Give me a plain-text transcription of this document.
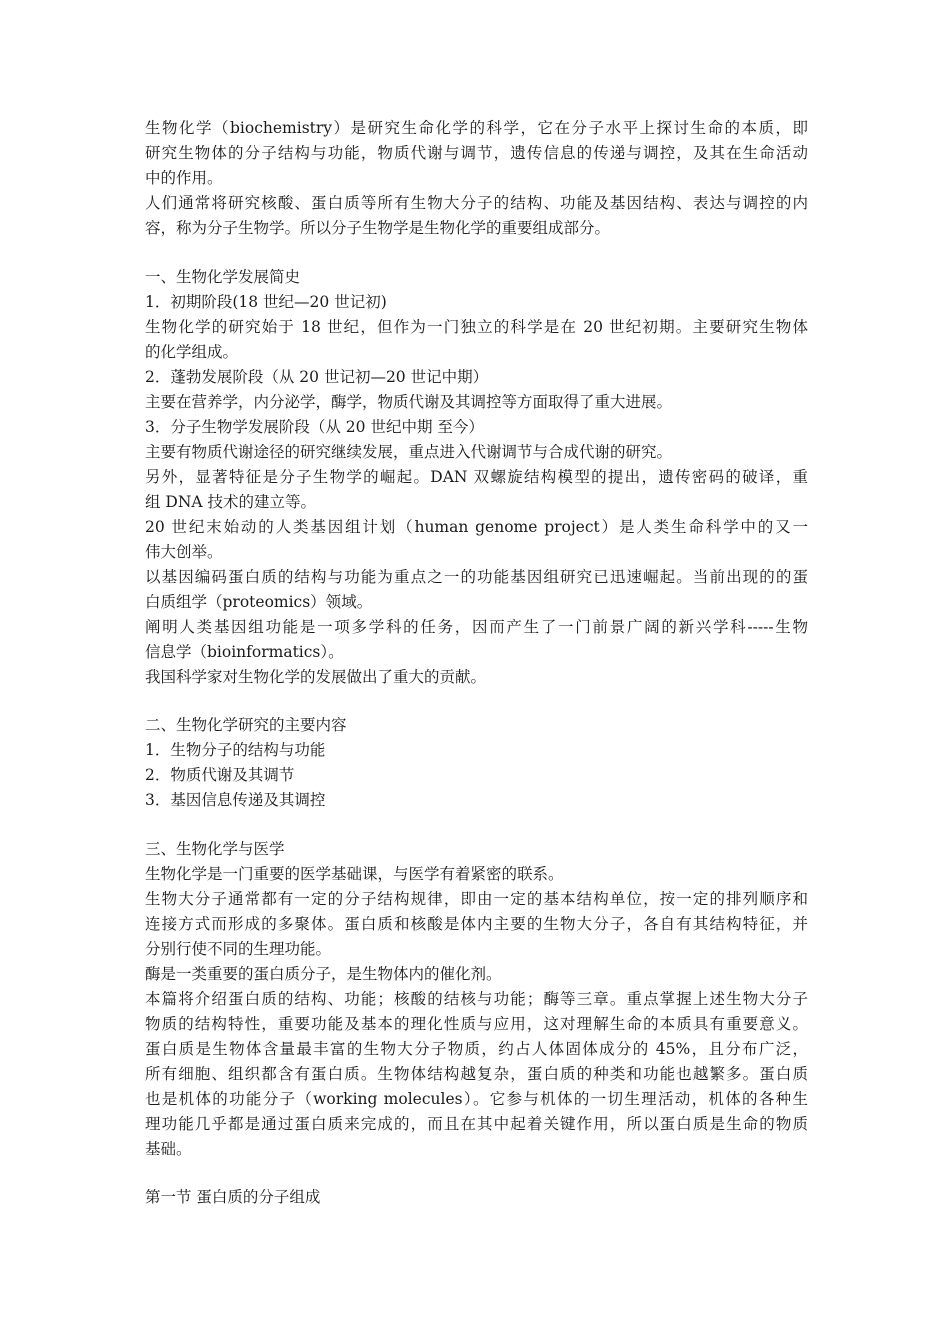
生物化学（biochemistry）是研究生命化学的科学，它在分子水平上探讨生命的本质，即
研究生物体的分子结构与功能，物质代谢与调节，遗传信息的传递与调控，及其在生命活动
中的作用。
人们通常将研究核酸、蛋白质等所有生物大分子的结构、功能及基因结构、表达与调控的内
容，称为分子生物学。所以分子生物学是生物化学的重要组成部分。
一、生物化学发展简史
1．初期阶段(18 世纪—20 世记初)
生物化学的研究始于 18 世纪，但作为一门独立的科学是在 20 世纪初期。主要研究生物体
的化学组成。
2．蓬勃发展阶段（从 20 世记初—20 世记中期）
主要在营养学，内分泌学，酶学，物质代谢及其调控等方面取得了重大进展。
3．分子生物学发展阶段（从 20 世纪中期 至今）
主要有物质代谢途径的研究继续发展，重点进入代谢调节与合成代谢的研究。
另外，显著特征是分子生物学的崛起。DAN 双螺旋结构模型的提出，遗传密码的破译，重
组 DNA 技术的建立等。
20 世纪末始动的人类基因组计划（human genome project）是人类生命科学中的又一
伟大创举。
以基因编码蛋白质的结构与功能为重点之一的功能基因组研究已迅速崛起。当前出现的的蛋
白质组学（proteomics）领域。
阐明人类基因组功能是一项多学科的任务，因而产生了一门前景广阔的新兴学科-----生物
信息学（bioinformatics）。
我国科学家对生物化学的发展做出了重大的贡献。
二、生物化学研究的主要内容
1．生物分子的结构与功能
2．物质代谢及其调节
3．基因信息传递及其调控
三、生物化学与医学
生物化学是一门重要的医学基础课，与医学有着紧密的联系。
生物大分子通常都有一定的分子结构规律，即由一定的基本结构单位，按一定的排列顺序和
连接方式而形成的多聚体。蛋白质和核酸是体内主要的生物大分子，各自有其结构特征，并
分别行使不同的生理功能。
酶是一类重要的蛋白质分子，是生物体内的催化剂。
本篇将介绍蛋白质的结构、功能；核酸的结核与功能；酶等三章。重点掌握上述生物大分子
物质的结构特性，重要功能及基本的理化性质与应用，这对理解生命的本质具有重要意义。
蛋白质是生物体含量最丰富的生物大分子物质，约占人体固体成分的 45%，且分布广泛，
所有细胞、组织都含有蛋白质。生物体结构越复杂，蛋白质的种类和功能也越繁多。蛋白质
也是机体的功能分子（working molecules）。它参与机体的一切生理活动，机体的各种生
理功能几乎都是通过蛋白质来完成的，而且在其中起着关键作用，所以蛋白质是生命的物质
基础。
第一节 蛋白质的分子组成
